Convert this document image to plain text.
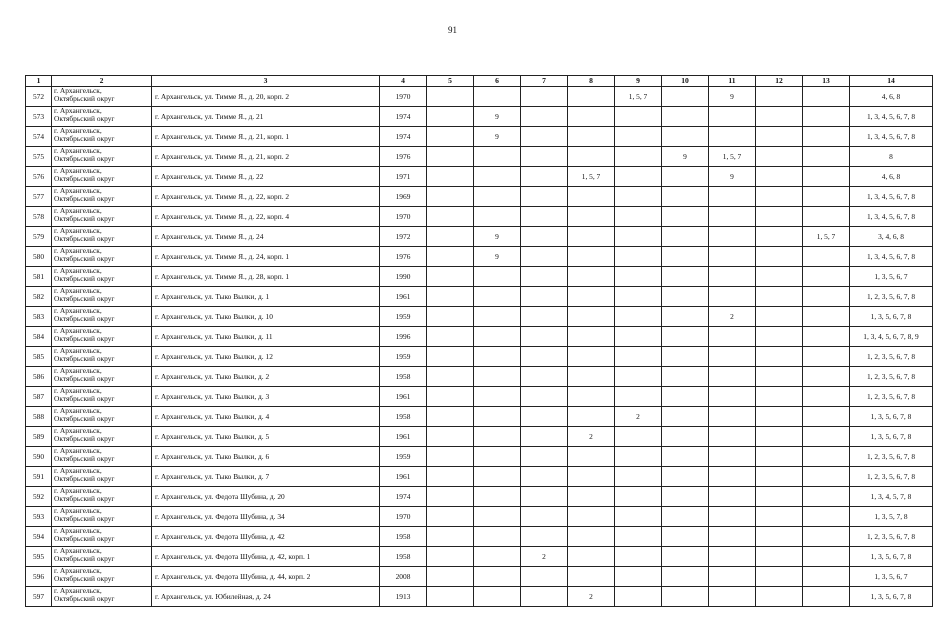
91
1	2	3	4	5	6	7	8	9	10	11	12	13	14
572	г. Архангельск,
Октябрьский округ	г. Архангельск, ул. Тимме Я., д. 20, корп. 2	1970					1, 5, 7		9			4, 6, 8
573	г. Архангельск,
Октябрьский округ	г. Архангельск, ул. Тимме Я., д. 21	1974		9								1, 3, 4, 5, 6, 7, 8
574	г. Архангельск,
Октябрьский округ	г. Архангельск, ул. Тимме Я., д. 21, корп. 1	1974		9								1, 3, 4, 5, 6, 7, 8
575	г. Архангельск,
Октябрьский округ	г. Архангельск, ул. Тимме Я., д. 21, корп. 2	1976						9	1, 5, 7			8
576	г. Архангельск,
Октябрьский округ	г. Архангельск, ул. Тимме Я., д. 22	1971				1, 5, 7			9			4, 6, 8
577	г. Архангельск,
Октябрьский округ	г. Архангельск, ул. Тимме Я., д. 22, корп. 2	1969										1, 3, 4, 5, 6, 7, 8
578	г. Архангельск,
Октябрьский округ	г. Архангельск, ул. Тимме Я., д. 22, корп. 4	1970										1, 3, 4, 5, 6, 7, 8
579	г. Архангельск,
Октябрьский округ	г. Архангельск, ул. Тимме Я., д. 24	1972		9							1, 5, 7	3, 4, 6, 8
580	г. Архангельск,
Октябрьский округ	г. Архангельск, ул. Тимме Я., д. 24, корп. 1	1976		9								1, 3, 4, 5, 6, 7, 8
581	г. Архангельск,
Октябрьский округ	г. Архангельск, ул. Тимме Я., д. 28, корп. 1	1990										1, 3, 5, 6, 7
582	г. Архангельск,
Октябрьский округ	г. Архангельск, ул. Тыко Вылки, д. 1	1961										1, 2, 3, 5, 6, 7, 8
583	г. Архангельск,
Октябрьский округ	г. Архангельск, ул. Тыко Вылки, д. 10	1959							2			1, 3, 5, 6, 7, 8
584	г. Архангельск,
Октябрьский округ	г. Архангельск, ул. Тыко Вылки, д. 11	1996										1, 3, 4, 5, 6, 7, 8, 9
585	г. Архангельск,
Октябрьский округ	г. Архангельск, ул. Тыко Вылки, д. 12	1959										1, 2, 3, 5, 6, 7, 8
586	г. Архангельск,
Октябрьский округ	г. Архангельск, ул. Тыко Вылки, д. 2	1958										1, 2, 3, 5, 6, 7, 8
587	г. Архангельск,
Октябрьский округ	г. Архангельск, ул. Тыко Вылки, д. 3	1961										1, 2, 3, 5, 6, 7, 8
588	г. Архангельск,
Октябрьский округ	г. Архангельск, ул. Тыко Вылки, д. 4	1958					2					1, 3, 5, 6, 7, 8
589	г. Архангельск,
Октябрьский округ	г. Архангельск, ул. Тыко Вылки, д. 5	1961				2						1, 3, 5, 6, 7, 8
590	г. Архангельск,
Октябрьский округ	г. Архангельск, ул. Тыко Вылки, д. 6	1959										1, 2, 3, 5, 6, 7, 8
591	г. Архангельск,
Октябрьский округ	г. Архангельск, ул. Тыко Вылки, д. 7	1961										1, 2, 3, 5, 6, 7, 8
592	г. Архангельск,
Октябрьский округ	г. Архангельск, ул. Федота Шубина, д. 20	1974										1, 3, 4, 5, 7, 8
593	г. Архангельск,
Октябрьский округ	г. Архангельск, ул. Федота Шубина, д. 34	1970										1, 3, 5, 7, 8
594	г. Архангельск,
Октябрьский округ	г. Архангельск, ул. Федота Шубина, д. 42	1958										1, 2, 3, 5, 6, 7, 8
595	г. Архангельск,
Октябрьский округ	г. Архангельск, ул. Федота Шубина, д. 42, корп. 1	1958			2							1, 3, 5, 6, 7, 8
596	г. Архангельск,
Октябрьский округ	г. Архангельск, ул. Федота Шубина, д. 44, корп. 2	2008										1, 3, 5, 6, 7
597	г. Архангельск,
Октябрьский округ	г. Архангельск, ул. Юбилейная, д. 24	1913				2						1, 3, 5, 6, 7, 8
